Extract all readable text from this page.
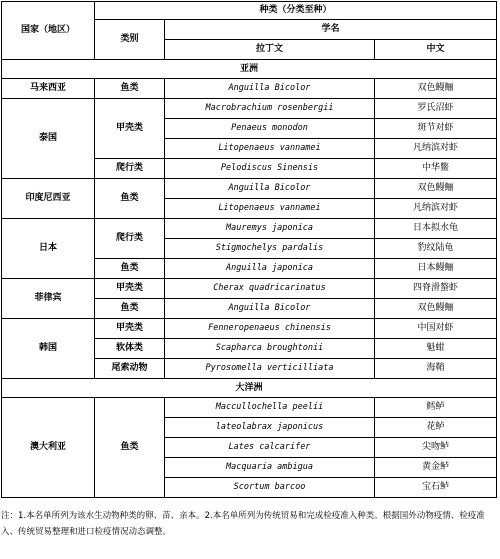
国家（地区）	种类（分类至种）		
	类别	学名	
		拉丁文	中文
亚洲			
马来西亚	鱼类	Anguilla Bicolor	双色鳗鲡
泰国	甲壳类	Macrobrachium rosenbergii	罗氏沼虾
		Penaeus monodon	斑节对虾
		Litopenaeus vannamei	凡纳滨对虾
	爬行类	Pelodiscus Sinensis	中华鳖
印度尼西亚	鱼类	Anguilla Bicolor	双色鳗鲡
		Litopenaeus vannamei	凡纳滨对虾
日本	爬行类	Mauremys japonica	日本拟水龟
		Stigmochelys pardalis	豹纹陆龟
	鱼类	Anguilla japonica	日本鳗鲡
菲律宾	甲壳类	Cherax quadricarinatus	四脊滑螯虾
	鱼类	Anguilla Bicolor	双色鳗鲡
韩国	甲壳类	Fenneropenaeus chinensis	中国对虾
	软体类	Scapharca broughtonii	魁蚶
	尾索动物	Pyrosomella verticilliata	海鞘
大洋洲			
澳大利亚	鱼类	Maccullochella peelii	鳕鲈
		lateolabrax japonicus	花鲈
		Lates calcarifer	尖吻鲈
		Macquaria ambigua	黄金鲈
		Scortum barcoo	宝石鲈
注：1.本名单所列为该水生动物种类的卵、苗、亲本。2.本名单所列为传统贸易和完成检疫准入种类。根据国外动物疫情、检疫准入、传统贸易整理和进口检疫情况动态调整。
